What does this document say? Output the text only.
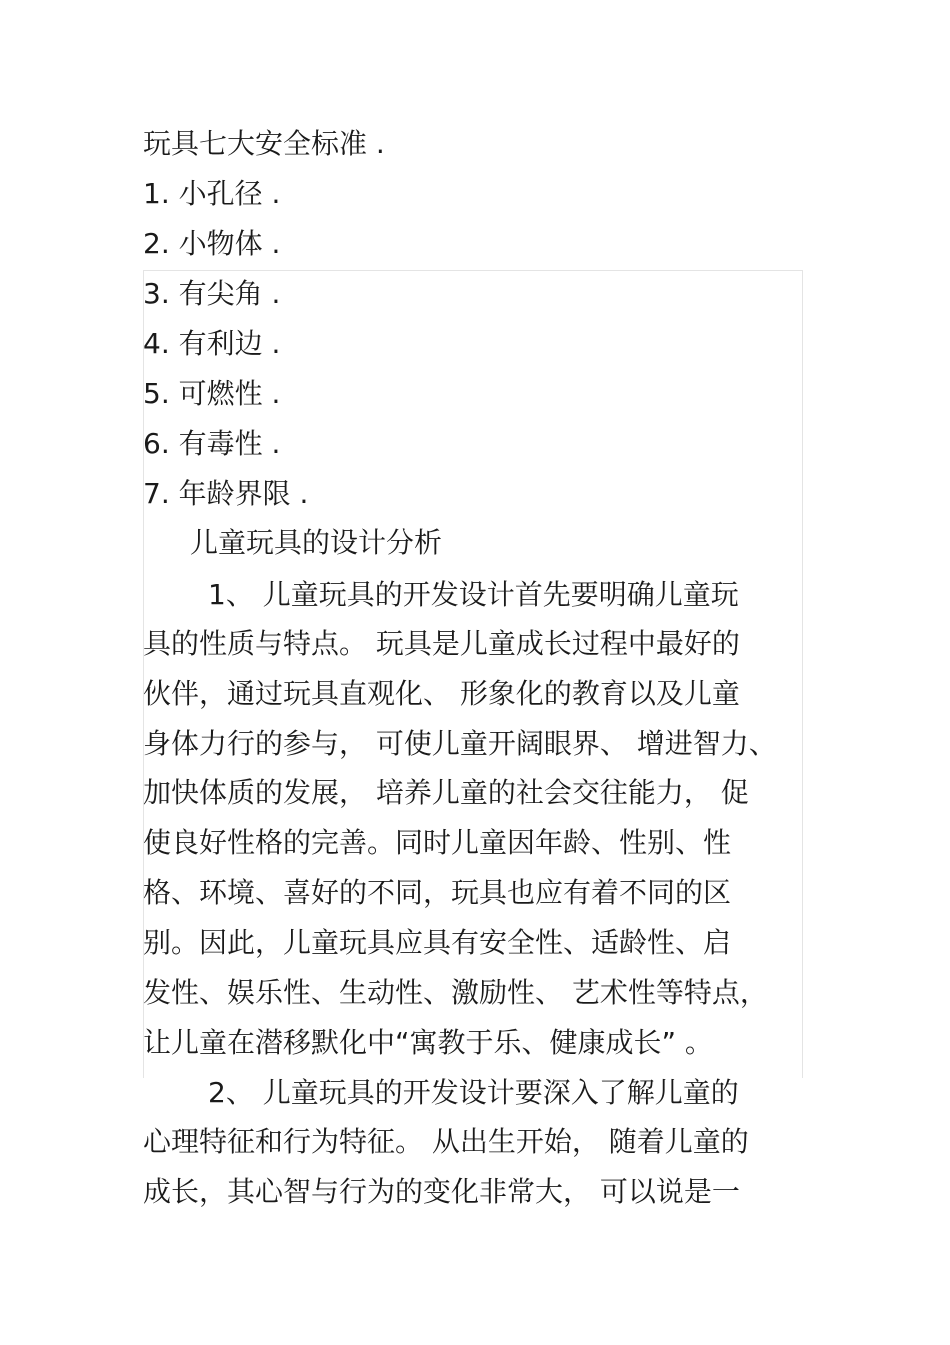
玩具七大安全标准 .
1. 小孔径 .
2. 小物体 .
3. 有尖角 .
4. 有利边 .
5. 可燃性 .
6. 有毒性 .
7. 年龄界限 .
儿童玩具的设计分析
1、 儿童玩具的开发设计首先要明确儿童玩
具的性质与特点。 玩具是儿童成长过程中最好的
伙伴，通过玩具直观化、 形象化的教育以及儿童
身体力行的参与， 可使儿童开阔眼界、 增进智力、
加快体质的发展， 培养儿童的社会交往能力， 促
使良好性格的完善。同时儿童因年龄、性别、性
格、环境、喜好的不同，玩具也应有着不同的区
别。因此，儿童玩具应具有安全性、适龄性、启
发性、娱乐性、生动性、激励性、 艺术性等特点，
让儿童在潜移默化中“寓教于乐、健康成长” 。
2、 儿童玩具的开发设计要深入了解儿童的
心理特征和行为特征。 从出生开始， 随着儿童的
成长，其心智与行为的变化非常大， 可以说是一
